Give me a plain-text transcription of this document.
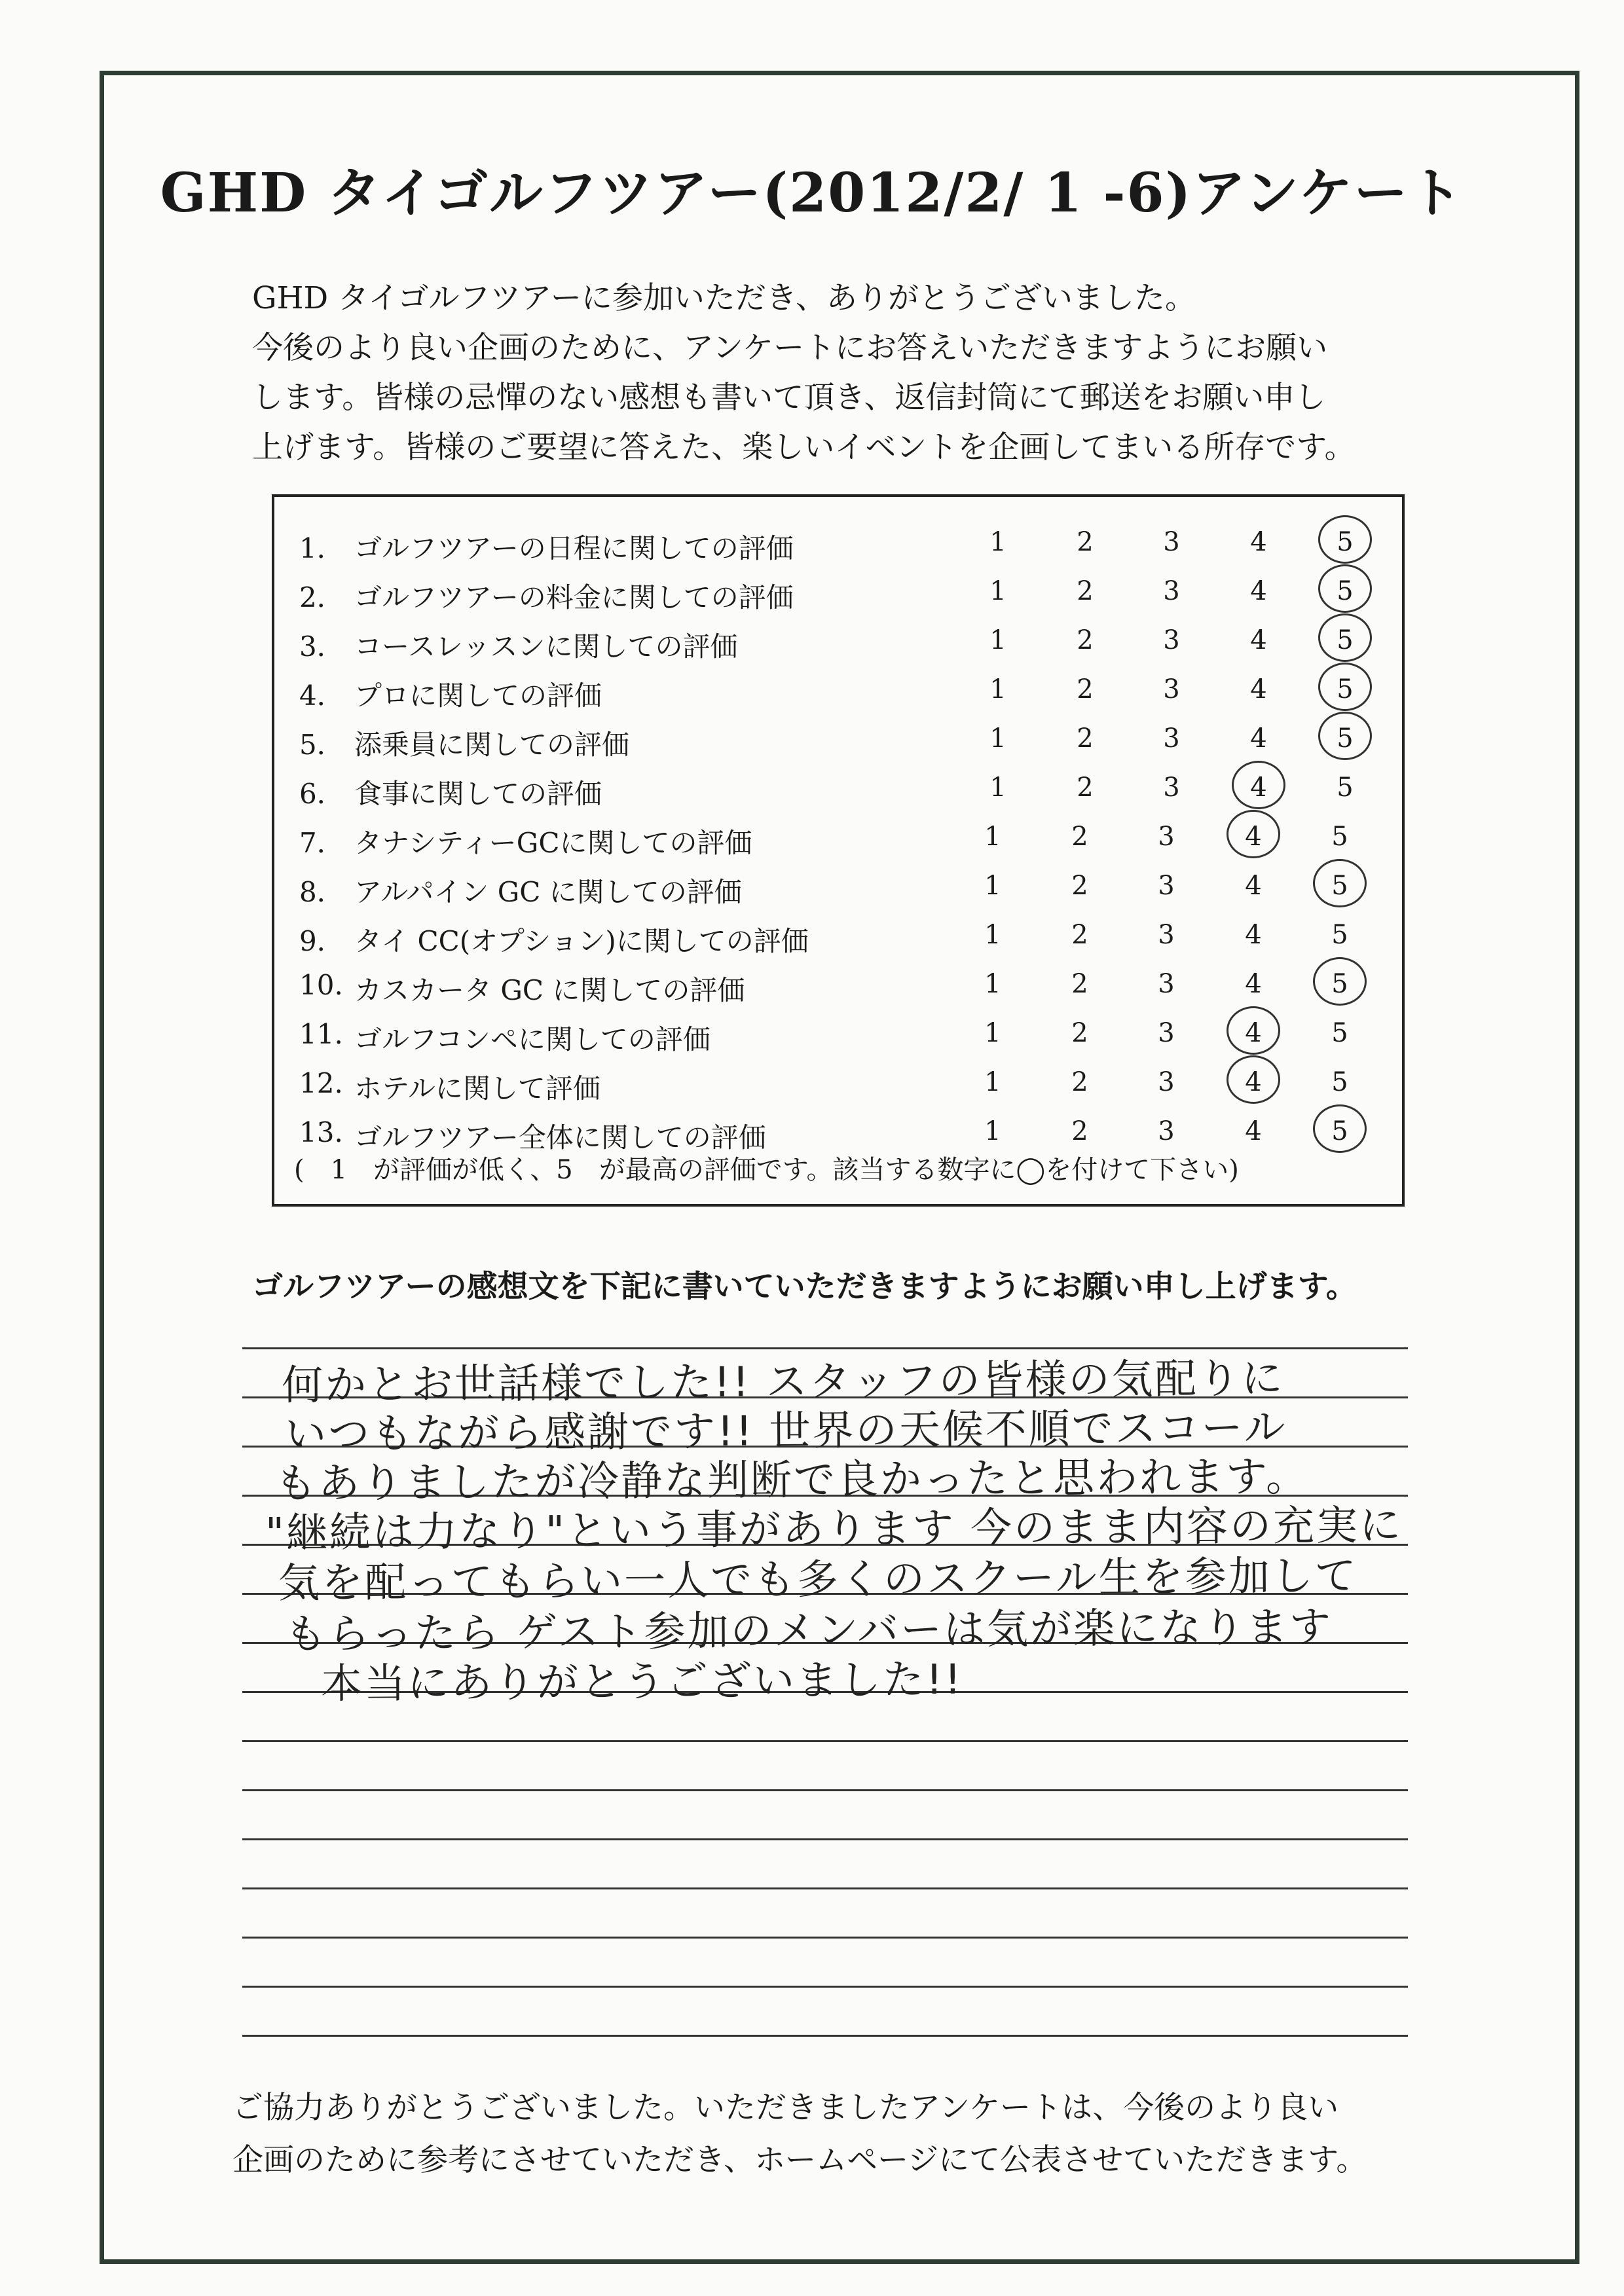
GHD タイゴルフツアー(2012/2/ 1 -6)アンケート
GHD タイゴルフツアーに参加いただき、ありがとうございました。
今後のより良い企画のために、アンケートにお答えいただきますようにお願い
します。皆様の忌憚のない感想も書いて頂き、返信封筒にて郵送をお願い申し
上げます。皆様のご要望に答えた、楽しいイベントを企画してまいる所存です。
13. ゴルフツアー全体に関しての評価	1	2	3	4	5
12. ホテルに関して評価	1	2	3	4	5
11. ゴルフコンペに関しての評価	1	2	3	4	5
10. カスカータ GC に関しての評価	1	2	3	4	5
9． タイ CC(オプション)に関しての評価	1	2	3	4	5
8． アルパイン GC に関しての評価	1	2	3	4	5
7． タナシティーGCに関しての評価	1	2	3	4	5
6． 食事に関しての評価	1	2	3	4	5
5． 添乗員に関しての評価	1	2	3	4	5
4． プロに関しての評価	1	2	3	4	5
3． コースレッスンに関しての評価	1	2	3	4	5
2． ゴルフツアーの料金に関しての評価	1	2	3	4	5
1． ゴルフツアーの日程に関しての評価	1	2	3	4	5
(　1　が評価が低く、5　が最高の評価です。該当する数字に◯を付けて下さい)
ゴルフツアーの感想文を下記に書いていただきますようにお願い申し上げます。
何かとお世話様でした!! スタッフの皆様の気配りに
いつもながら感謝です!! 世界の天候不順でスコール
もありましたが冷静な判断で良かったと思われます。
"継続は力なり"という事があります 今のまま内容の充実に
気を配ってもらい一人でも多くのスクール生を参加して
もらったら ゲスト参加のメンバーは気が楽になります
本当にありがとうございました!!
ご協力ありがとうございました。いただきましたアンケートは、今後のより良い
企画のために参考にさせていただき、ホームページにて公表させていただきます。
